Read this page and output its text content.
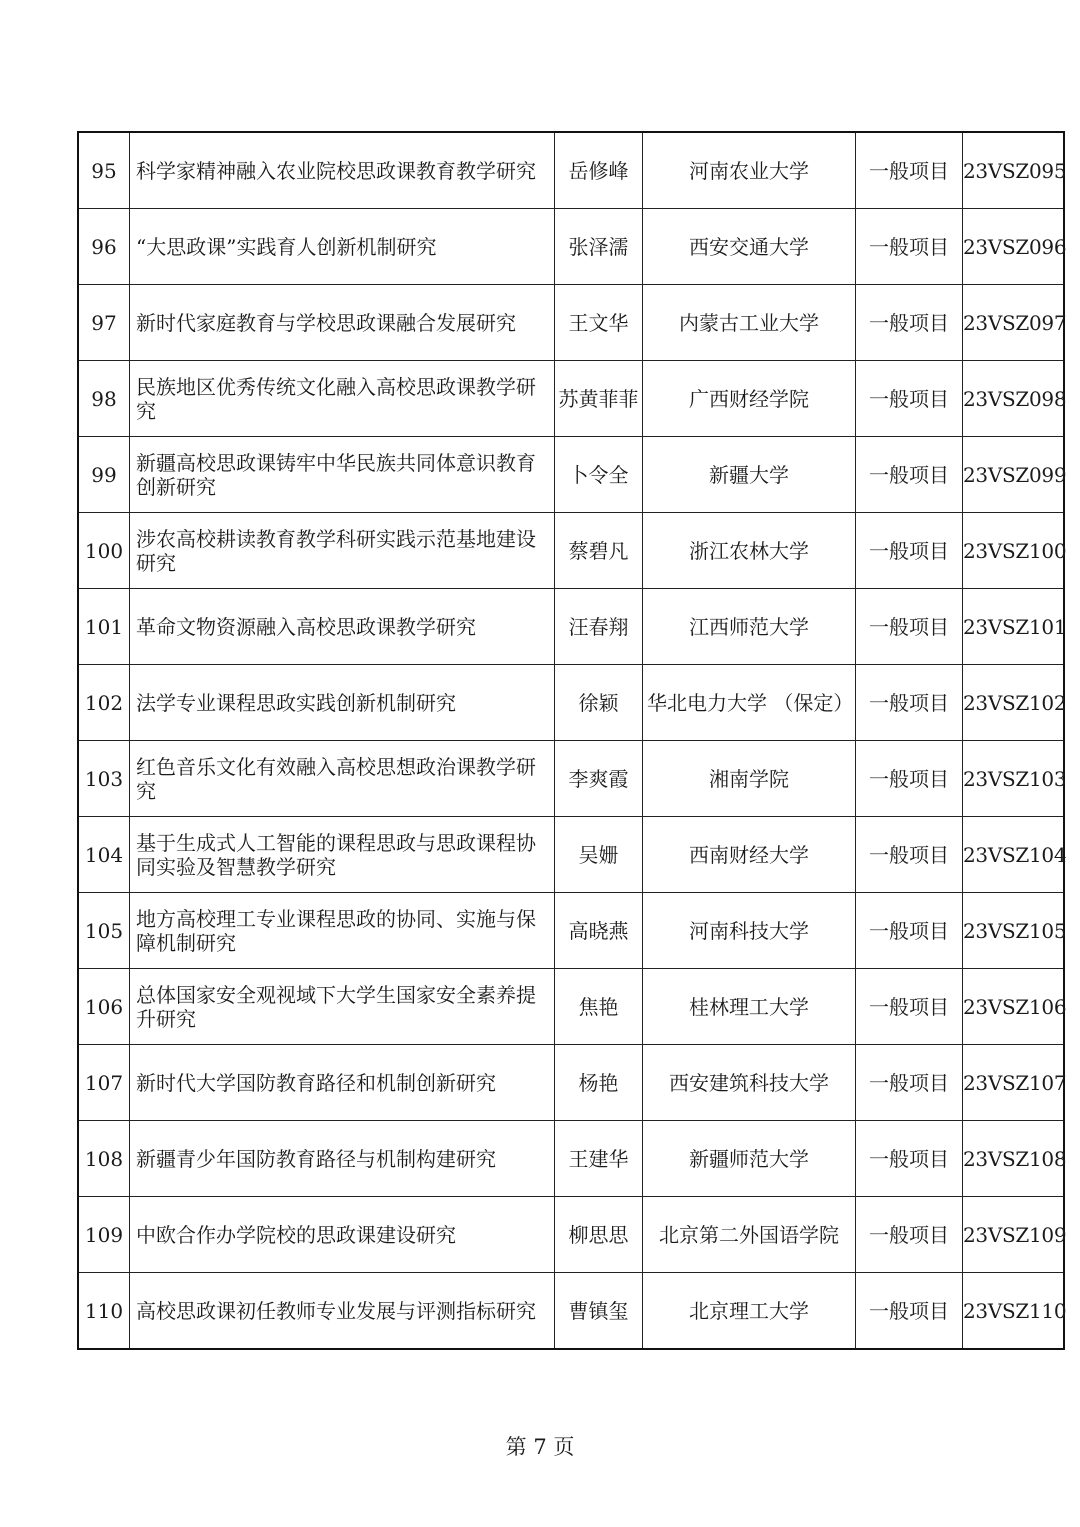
95	科学家精神融入农业院校思政课教育教学研究	岳修峰	河南农业大学	一般项目	23VSZ095
96	“大思政课”实践育人创新机制研究	张泽濡	西安交通大学	一般项目	23VSZ096
97	新时代家庭教育与学校思政课融合发展研究	王文华	内蒙古工业大学	一般项目	23VSZ097
98	民族地区优秀传统文化融入高校思政课教学研究	苏黄菲菲	广西财经学院	一般项目	23VSZ098
99	新疆高校思政课铸牢中华民族共同体意识教育创新研究	卜令全	新疆大学	一般项目	23VSZ099
100	涉农高校耕读教育教学科研实践示范基地建设研究	蔡碧凡	浙江农林大学	一般项目	23VSZ100
101	革命文物资源融入高校思政课教学研究	汪春翔	江西师范大学	一般项目	23VSZ101
102	法学专业课程思政实践创新机制研究	徐颖	华北电力大学 （保定）	一般项目	23VSZ102
103	红色音乐文化有效融入高校思想政治课教学研究	李爽霞	湘南学院	一般项目	23VSZ103
104	基于生成式人工智能的课程思政与思政课程协同实验及智慧教学研究	吴姗	西南财经大学	一般项目	23VSZ104
105	地方高校理工专业课程思政的协同、实施与保障机制研究	高晓燕	河南科技大学	一般项目	23VSZ105
106	总体国家安全观视域下大学生国家安全素养提升研究	焦艳	桂林理工大学	一般项目	23VSZ106
107	新时代大学国防教育路径和机制创新研究	杨艳	西安建筑科技大学	一般项目	23VSZ107
108	新疆青少年国防教育路径与机制构建研究	王建华	新疆师范大学	一般项目	23VSZ108
109	中欧合作办学院校的思政课建设研究	柳思思	北京第二外国语学院	一般项目	23VSZ109
110	高校思政课初任教师专业发展与评测指标研究	曹镇玺	北京理工大学	一般项目	23VSZ110
第 7 页
